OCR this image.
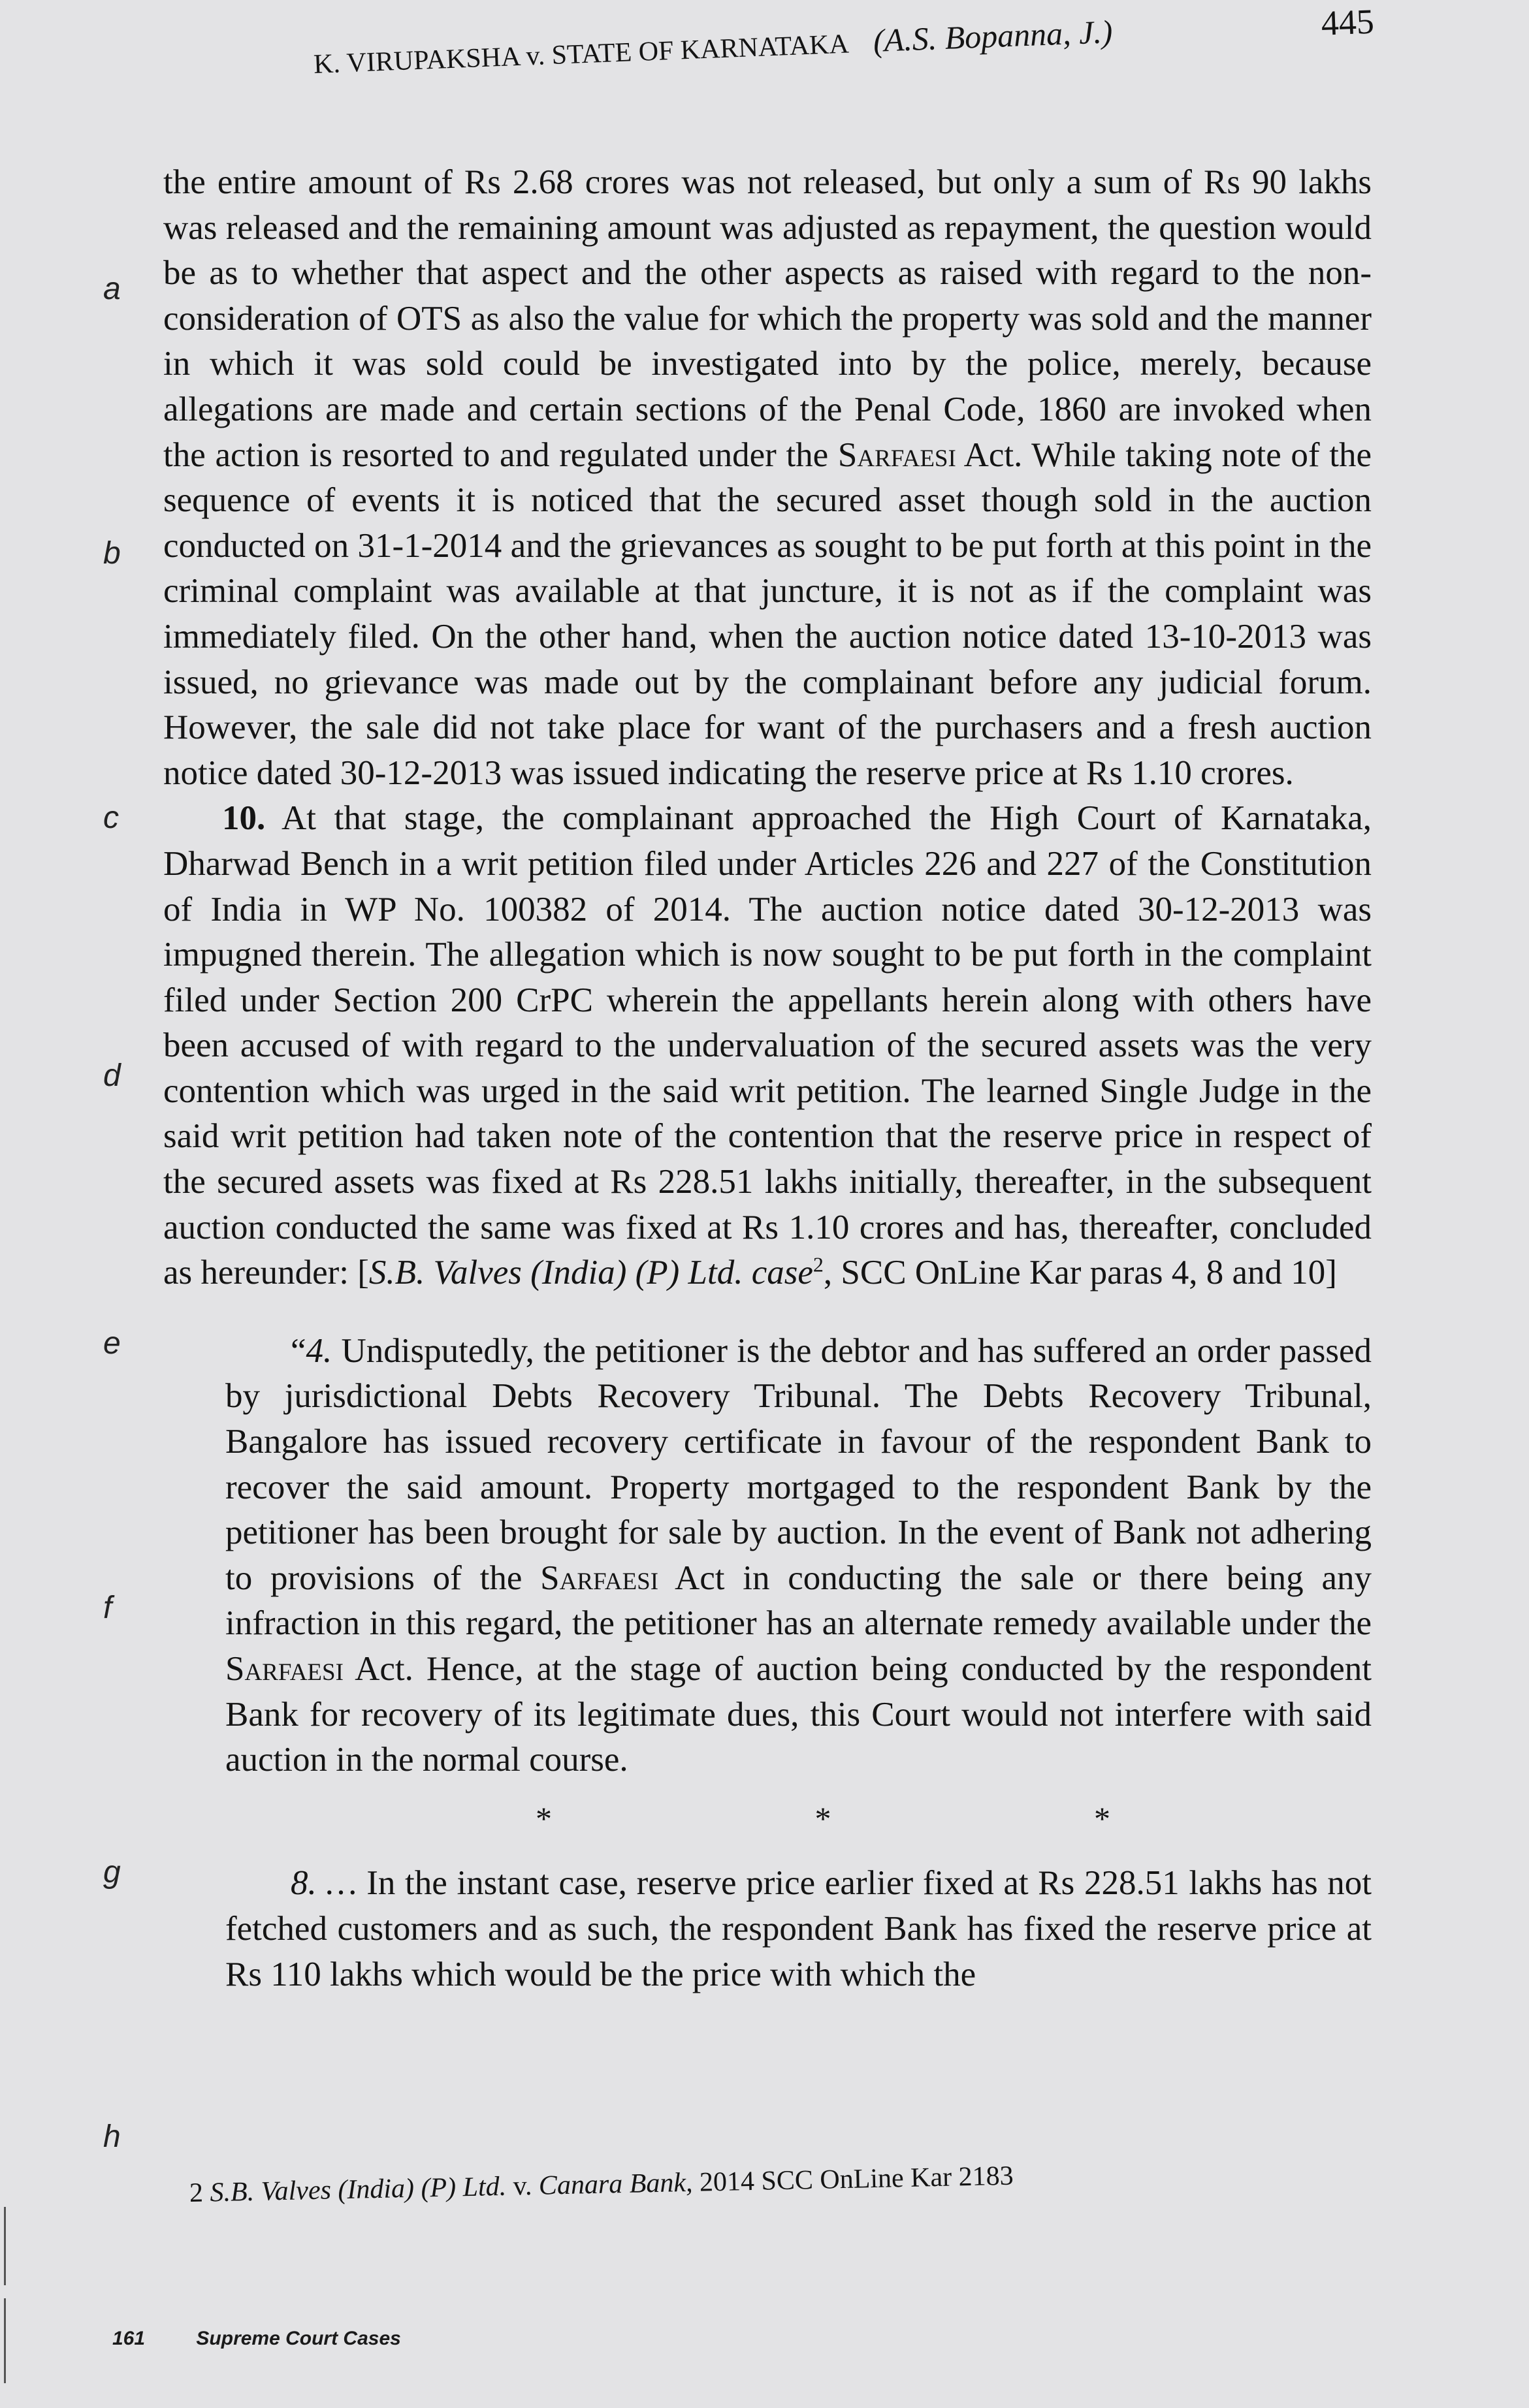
K. VIRUPAKSHA v. STATE OF KARNATAKA (A.S. Bopanna, J.)	445
a
b
c
d
e
f
g
h

the entire amount of Rs 2.68 crores was not released, but only a sum of Rs 90 lakhs was released and the remaining amount was adjusted as repayment, the question would be as to whether that aspect and the other aspects as raised with regard to the non-consideration of OTS as also the value for which the property was sold and the manner in which it was sold could be investigated into by the police, merely, because allegations are made and certain sections of the Penal Code, 1860 are invoked when the action is resorted to and regulated under the Sarfaesi Act. While taking note of the sequence of events it is noticed that the secured asset though sold in the auction conducted on 31-1-2014 and the grievances as sought to be put forth at this point in the criminal complaint was available at that juncture, it is not as if the complaint was immediately filed. On the other hand, when the auction notice dated 13-10-2013 was issued, no grievance was made out by the complainant before any judicial forum. However, the sale did not take place for want of the purchasers and a fresh auction notice dated 30-12-2013 was issued indicating the reserve price at Rs 1.10 crores.

10. At that stage, the complainant approached the High Court of Karnataka, Dharwad Bench in a writ petition filed under Articles 226 and 227 of the Constitution of India in WP No. 100382 of 2014. The auction notice dated 30-12-2013 was impugned therein. The allegation which is now sought to be put forth in the complaint filed under Section 200 CrPC wherein the appellants herein along with others have been accused of with regard to the undervaluation of the secured assets was the very contention which was urged in the said writ petition. The learned Single Judge in the said writ petition had taken note of the contention that the reserve price in respect of the secured assets was fixed at Rs 228.51 lakhs initially, thereafter, in the subsequent auction conducted the same was fixed at Rs 1.10 crores and has, thereafter, concluded as hereunder: [S.B. Valves (India) (P) Ltd. case$^2$, SCC OnLine Kar paras 4, 8 and 10]

“4. Undisputedly, the petitioner is the debtor and has suffered an order passed by jurisdictional Debts Recovery Tribunal. The Debts Recovery Tribunal, Bangalore has issued recovery certificate in favour of the respondent Bank to recover the said amount. Property mortgaged to the respondent Bank by the petitioner has been brought for sale by auction. In the event of Bank not adhering to provisions of the Sarfaesi Act in conducting the sale or there being any infraction in this regard, the petitioner has an alternate remedy available under the Sarfaesi Act. Hence, at the stage of auction being conducted by the respondent Bank for recovery of its legitimate dues, this Court would not interfere with said auction in the normal course.

*	*	*

8. … In the instant case, reserve price earlier fixed at Rs 228.51 lakhs has not fetched customers and as such, the respondent Bank has fixed the reserve price at Rs 110 lakhs which would be the price with which the

2 S.B. Valves (India) (P) Ltd. v. Canara Bank, 2014 SCC OnLine Kar 2183
161	Supreme Court Cases
